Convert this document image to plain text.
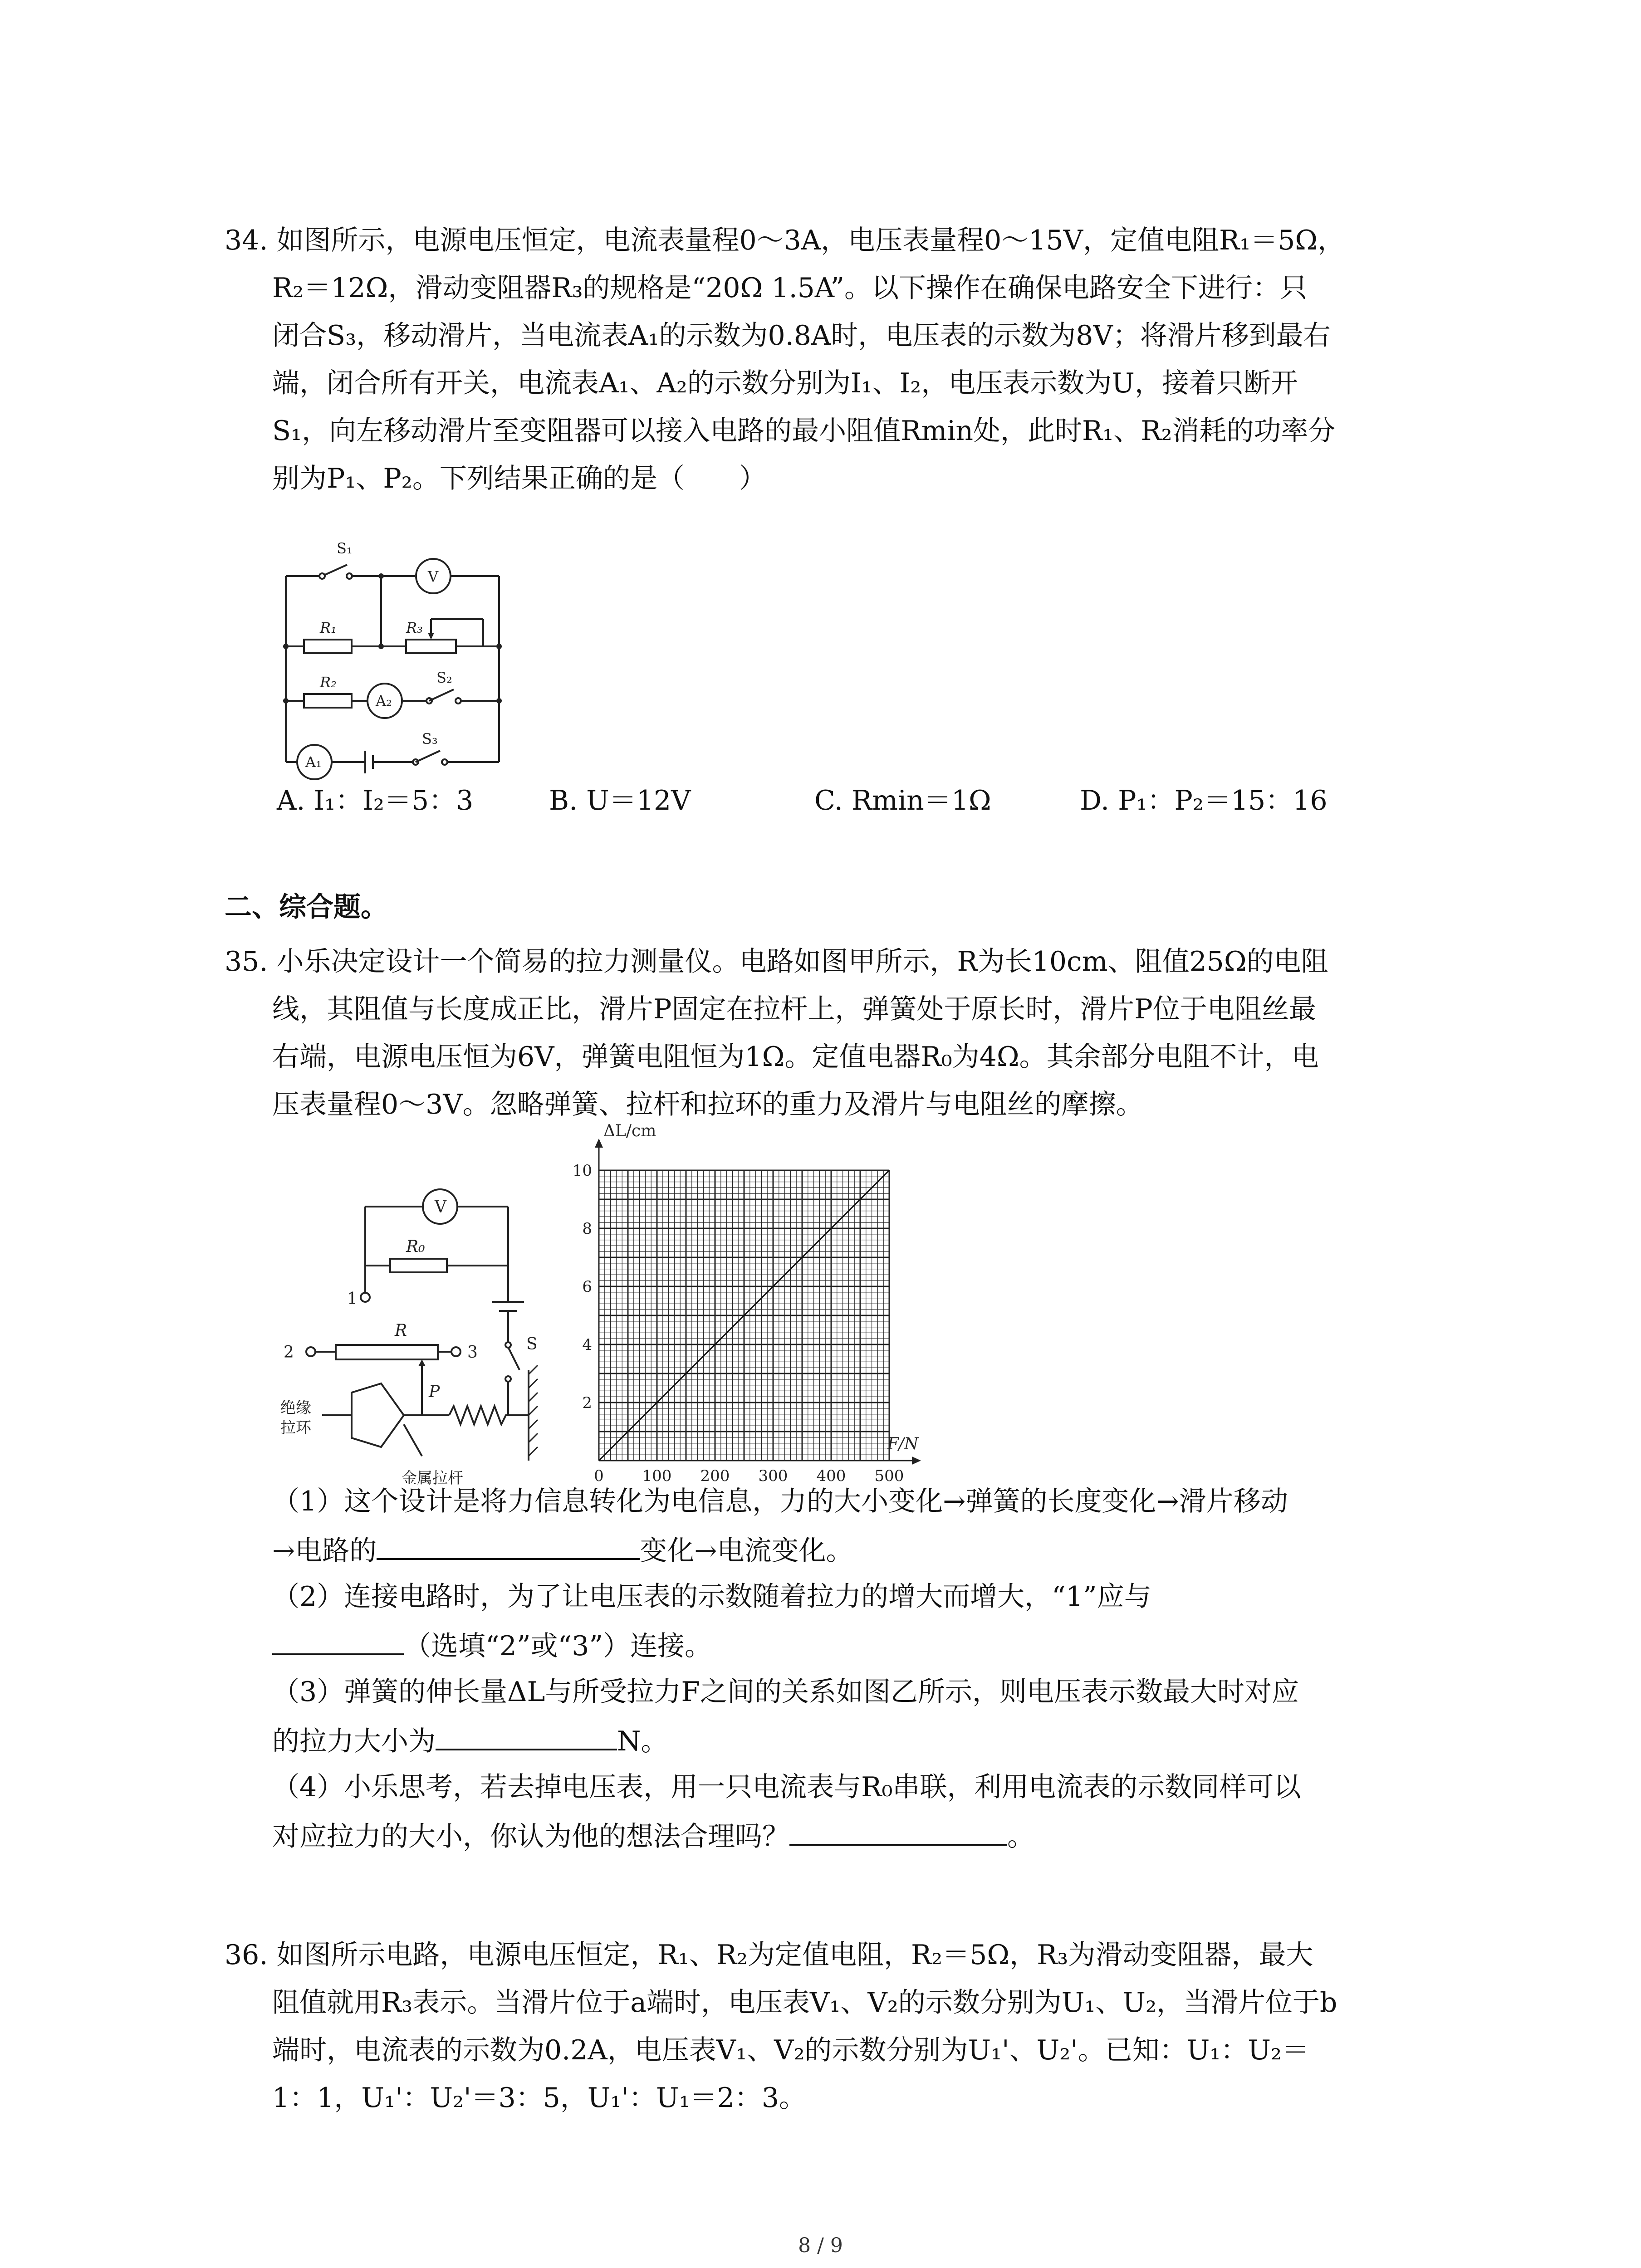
34. 如图所示，电源电压恒定，电流表量程0～3A，电压表量程0～15V，定值电阻R₁＝5Ω，
R₂＝12Ω，滑动变阻器R₃的规格是“20Ω 1.5A”。以下操作在确保电路安全下进行：只
闭合S₃，移动滑片，当电流表A₁的示数为0.8A时，电压表的示数为8V；将滑片移到最右
端，闭合所有开关，电流表A₁、A₂的示数分别为I₁、I₂，电压表示数为U，接着只断开
S₁，向左移动滑片至变阻器可以接入电路的最小阻值Rmin处，此时R₁、R₂消耗的功率分
别为P₁、P₂。下列结果正确的是（　　）
S₁
V
R₁	R₃
R₂
A₂
S₂
S₃
A₁
A. I₁：I₂＝5：3	B. U＝12V	C. Rmin＝1Ω	D. P₁：P₂＝15：16
二、综合题。
35. 小乐决定设计一个简易的拉力测量仪。电路如图甲所示，R为长10cm、阻值25Ω的电阻
线，其阻值与长度成正比，滑片P固定在拉杆上，弹簧处于原长时，滑片P位于电阻丝最
右端，电源电压恒为6V，弹簧电阻恒为1Ω。定值电器R₀为4Ω。其余部分电阻不计，电
压表量程0～3V。忽略弹簧、拉杆和拉环的重力及滑片与电阻丝的摩擦。
V
R₀
1
R
2	3	S
P
绝缘 拉环
金属拉杆	0 100 200 300 400 500
2
4
6
8
10
F/N
ΔL/cm
（1）这个设计是将力信息转化为电信息，力的大小变化→弹簧的长度变化→滑片移动
→电路的	变化→电流变化。
（2）连接电路时，为了让电压表的示数随着拉力的增大而增大，“1”应与
（选填“2”或“3”）连接。
（3）弹簧的伸长量ΔL与所受拉力F之间的关系如图乙所示，则电压表示数最大时对应
的拉力大小为	N。
（4）小乐思考，若去掉电压表，用一只电流表与R₀串联，利用电流表的示数同样可以
对应拉力的大小，你认为他的想法合理吗？	。
36. 如图所示电路，电源电压恒定，R₁、R₂为定值电阻，R₂＝5Ω，R₃为滑动变阻器，最大
阻值就用R₃表示。当滑片位于a端时，电压表V₁、V₂的示数分别为U₁、U₂，当滑片位于b
端时，电流表的示数为0.2A，电压表V₁、V₂的示数分别为U₁'、U₂'。已知：U₁：U₂＝
1：1，U₁'：U₂'＝3：5，U₁'：U₁＝2：3。
8 / 9
